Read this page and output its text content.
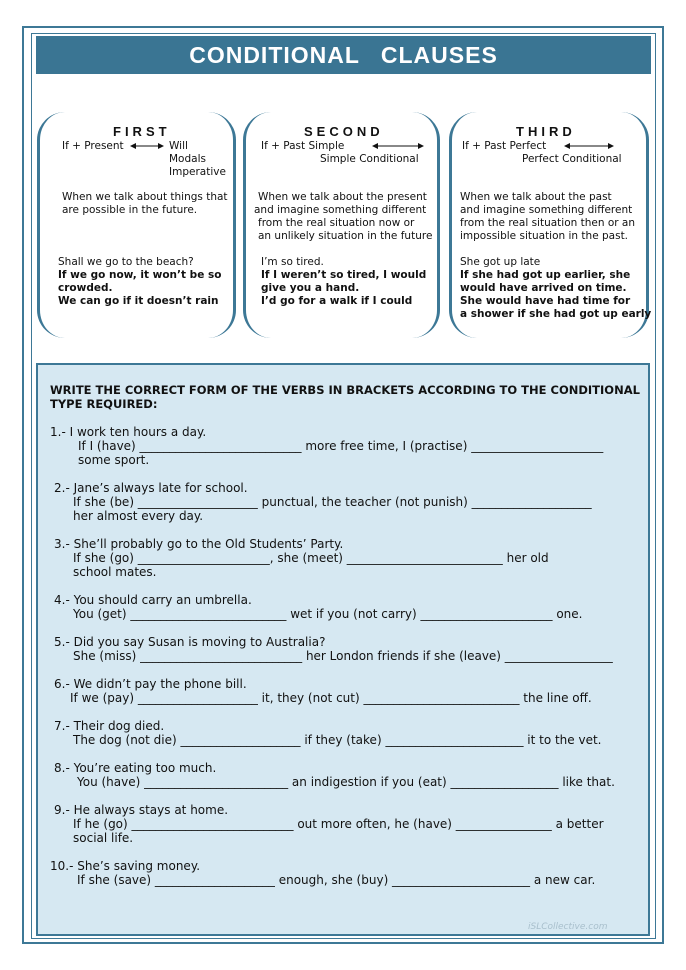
CONDITIONAL CLAUSES
FIRST
If + Present	Will
Modals
Imperative
When we talk about things that
are possible in the future.
Shall we go to the beach?
If we go now, it won’t be so
crowded.
We can go if it doesn’t rain
SECOND
If + Past Simple
Simple Conditional
When we talk about the present
and imagine something different
from the real situation now or
an unlikely situation in the future
I’m so tired.
If I weren’t so tired, I would
give you a hand.
I’d go for a walk if I could
THIRD
If + Past Perfect
Perfect Conditional
When we talk about the past
and imagine something different
from the real situation then or an
impossible situation in the past.
She got up late
If she had got up earlier, she
would have arrived on time.
She would have had time for
a shower if she had got up early
WRITE THE CORRECT FORM OF THE VERBS IN BRACKETS ACCORDING TO THE CONDITIONAL
TYPE REQUIRED:
1.- I work ten hours a day.
If I (have) ___________________________ more free time, I (practise) ______________________
some sport.
2.- Jane’s always late for school.
If she (be) ____________________ punctual, the teacher (not punish) ____________________
her almost every day.
3.- She’ll probably go to the Old Students’ Party.
If she (go) ______________________, she (meet) __________________________ her old
school mates.
4.- You should carry an umbrella.
You (get) __________________________ wet if you (not carry) ______________________ one.
5.- Did you say Susan is moving to Australia?
She (miss) ___________________________ her London friends if she (leave) __________________
6.- We didn’t pay the phone bill.
If we (pay) ____________________ it, they (not cut) __________________________ the line off.
7.- Their dog died.
The dog (not die) ____________________ if they (take) _______________________ it to the vet.
8.- You’re eating too much.
You (have) ________________________ an indigestion if you (eat) __________________ like that.
9.- He always stays at home.
If he (go) ___________________________ out more often, he (have) ________________ a better
social life.
10.- She’s saving money.
If she (save) ____________________ enough, she (buy) _______________________ a new car.
iSLCollective.com
